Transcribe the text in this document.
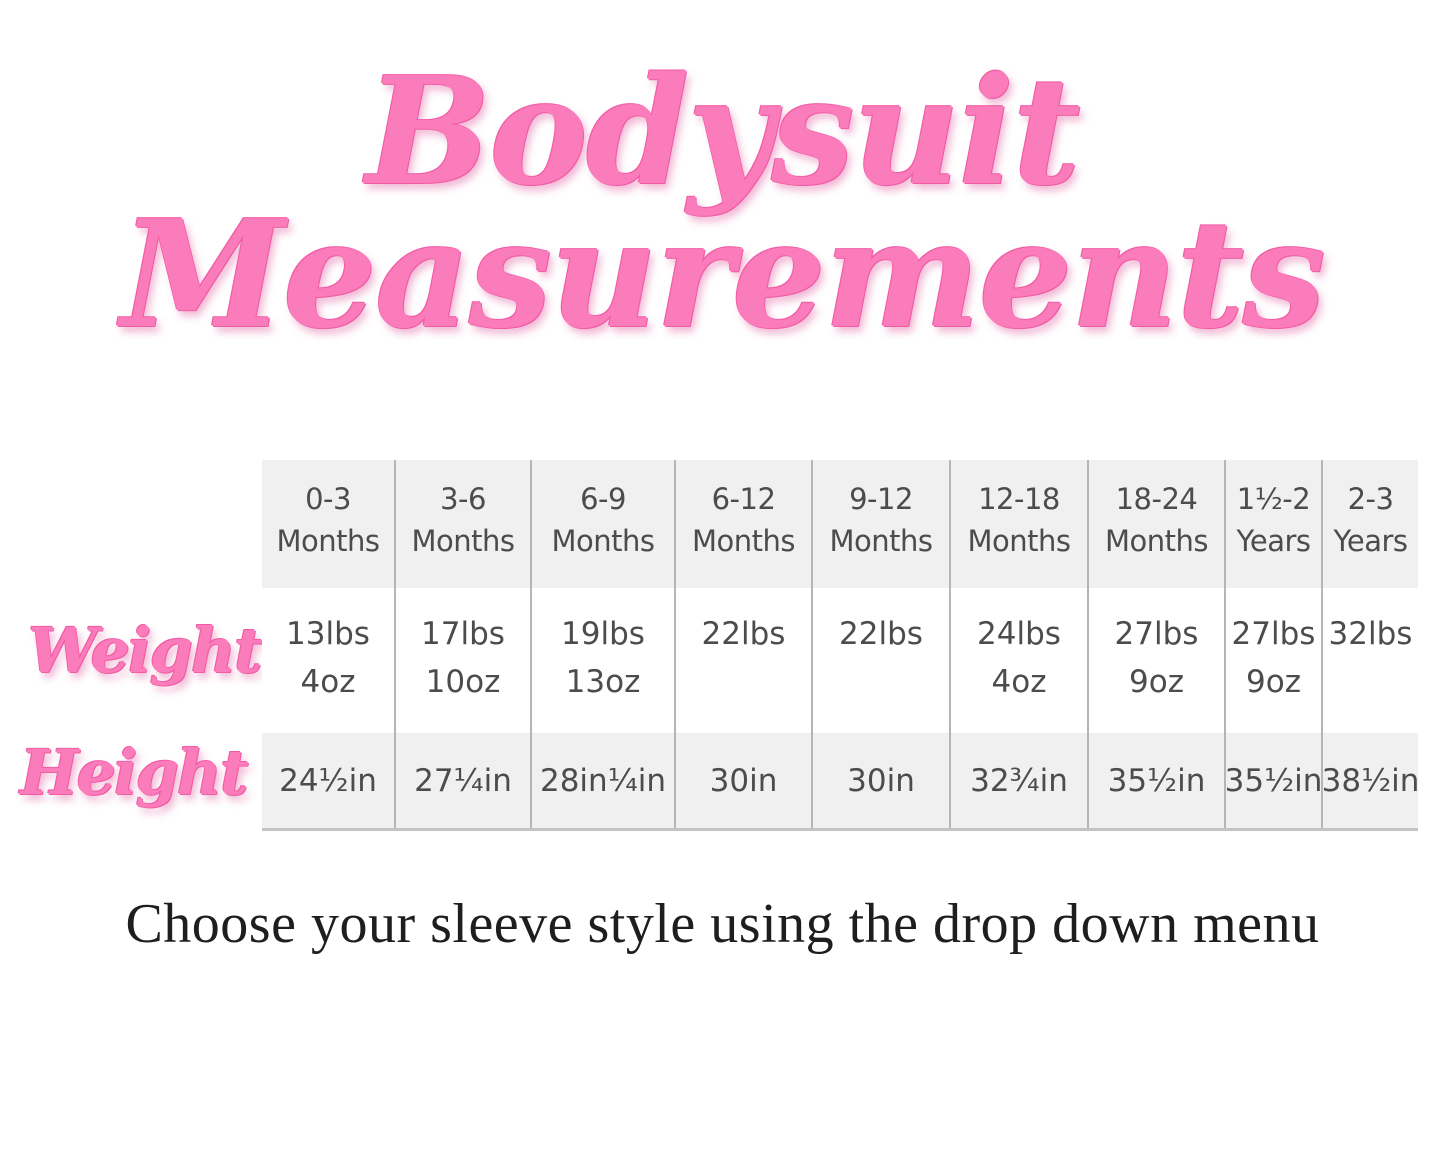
Bodysuit
Measurements
Weight
Height
0-3
Months
13lbs
4oz
24½in
3-6
Months
17lbs
10oz
27¼in
6-9
Months
19lbs
13oz
28in¼in
6-12
Months
22lbs
30in
9-12
Months
22lbs
30in
12-18
Months
24lbs
4oz
32¾in
18-24
Months
27lbs
9oz
35½in
1½-2
Years
27lbs
9oz
35½in
2-3
Years
32lbs
38½in
Choose your sleeve style using the drop down menu
